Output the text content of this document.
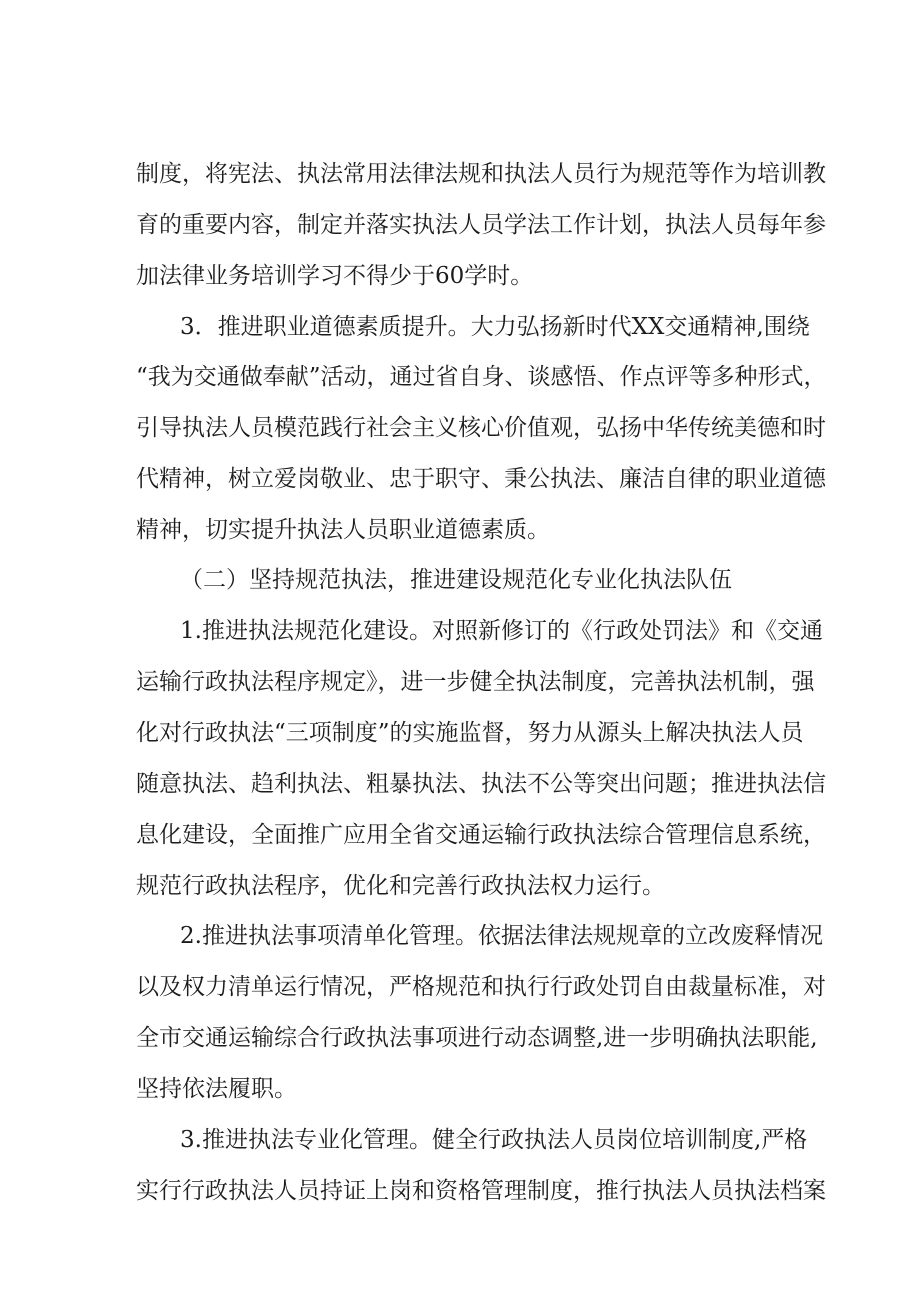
制度，将宪法、执法常用法律法规和执法人员行为规范等作为培训教
育的重要内容，制定并落实执法人员学法工作计划，执法人员每年参
加法律业务培训学习不得少于60学时。
3．推进职业道德素质提升。大力弘扬新时代XX交通精神,围绕
“我为交通做奉献”活动，通过省自身、谈感悟、作点评等多种形式，
引导执法人员模范践行社会主义核心价值观，弘扬中华传统美德和时
代精神，树立爱岗敬业、忠于职守、秉公执法、廉洁自律的职业道德
精神，切实提升执法人员职业道德素质。
（二）坚持规范执法，推进建设规范化专业化执法队伍
1.推进执法规范化建设。对照新修订的《行政处罚法》和《交通
运输行政执法程序规定》，进一步健全执法制度，完善执法机制，强
化对行政执法“三项制度”的实施监督，努力从源头上解决执法人员
随意执法、趋利执法、粗暴执法、执法不公等突出问题；推进执法信
息化建设，全面推广应用全省交通运输行政执法综合管理信息系统，
规范行政执法程序，优化和完善行政执法权力运行。
2.推进执法事项清单化管理。依据法律法规规章的立改废释情况
以及权力清单运行情况，严格规范和执行行政处罚自由裁量标准，对
全市交通运输综合行政执法事项进行动态调整,进一步明确执法职能,
坚持依法履职。
3.推进执法专业化管理。健全行政执法人员岗位培训制度,严格
实行行政执法人员持证上岗和资格管理制度，推行执法人员执法档案
